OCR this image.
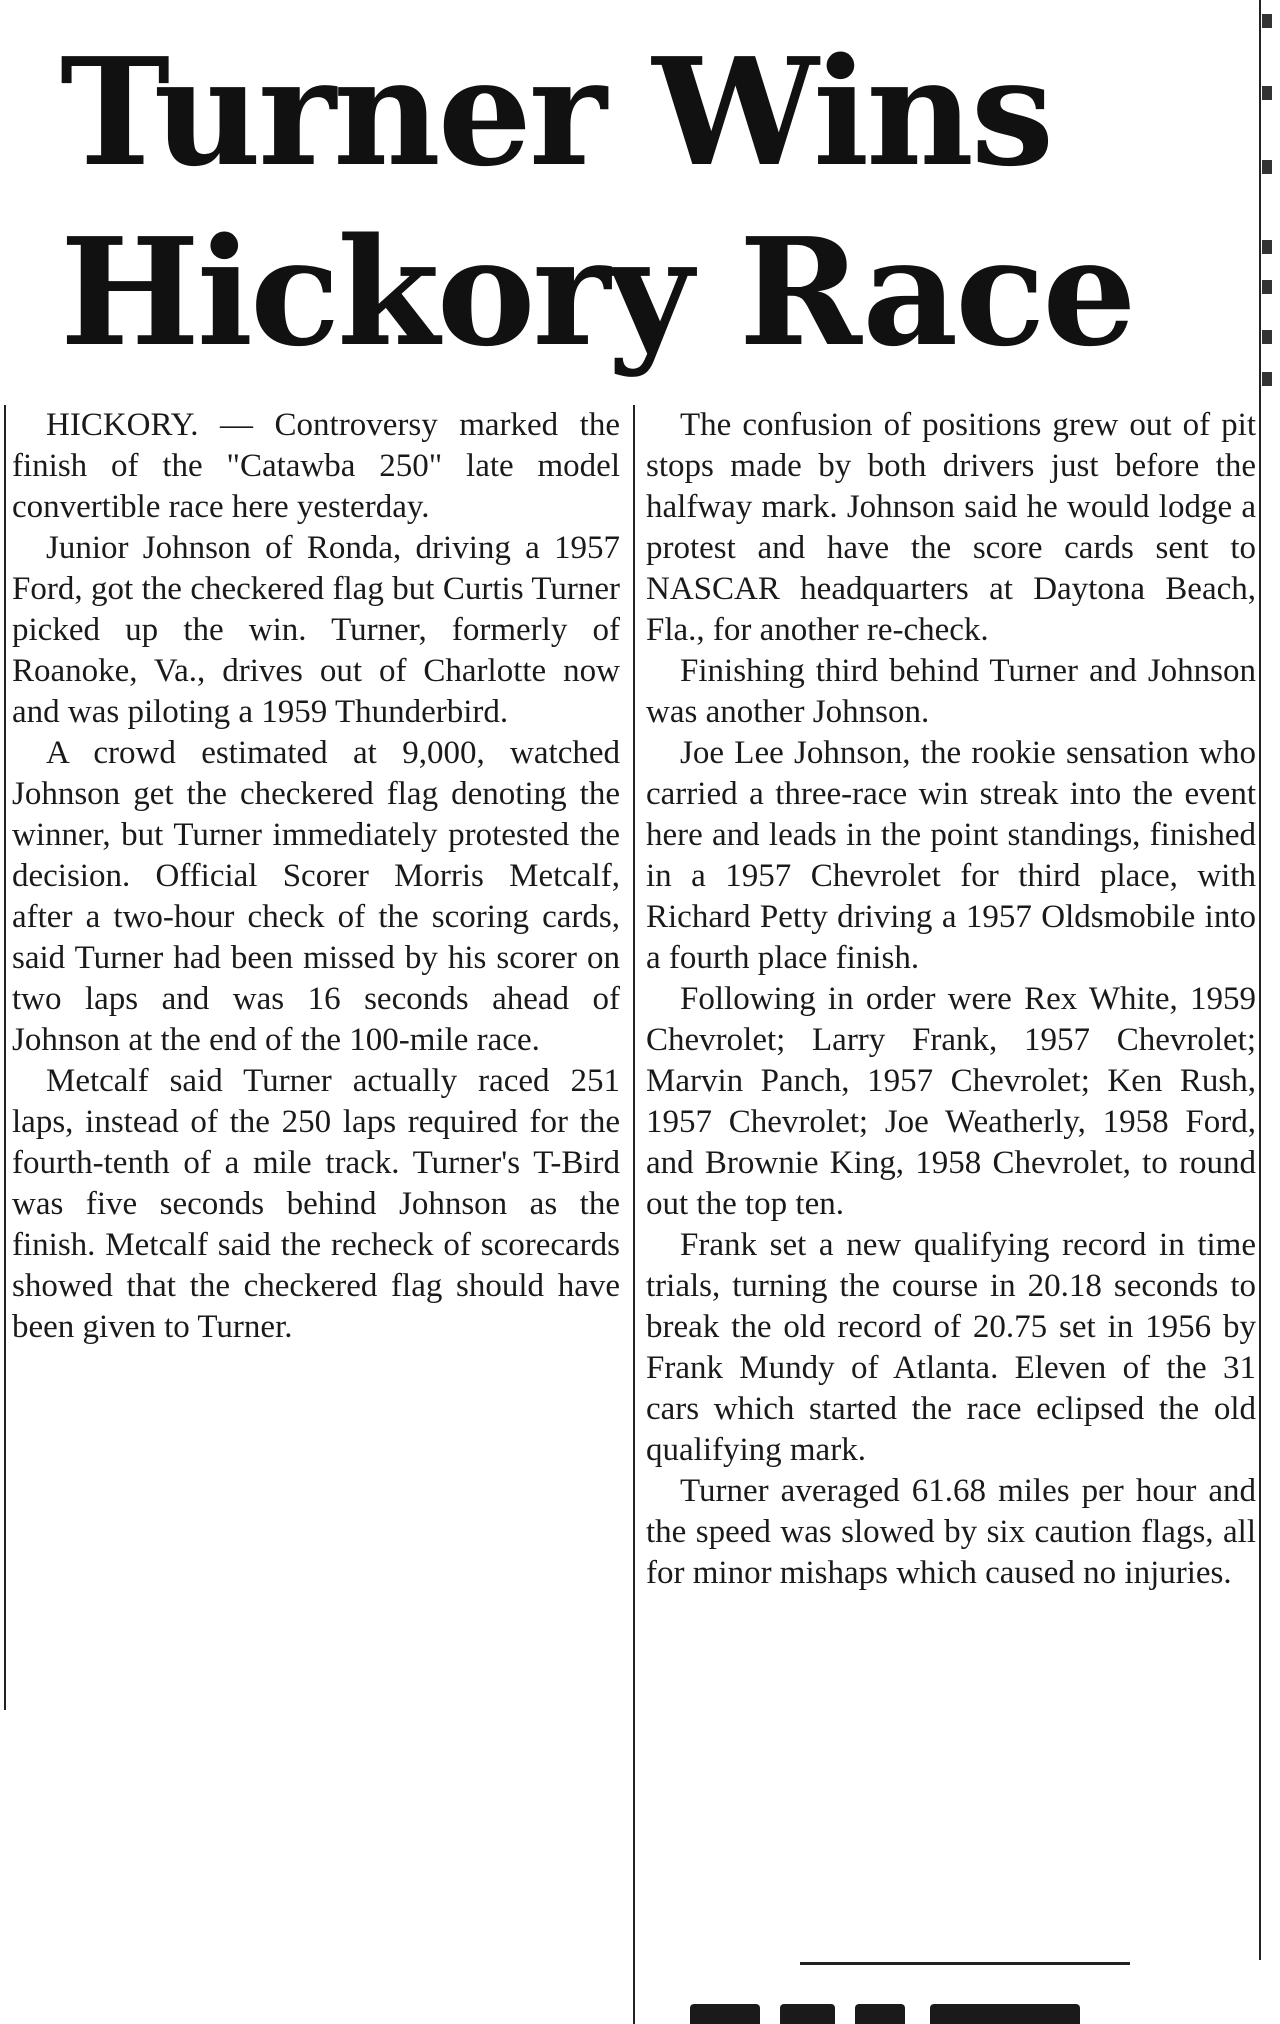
Turner Wins
Hickory Race

HICKORY. — Controversy marked the finish of the "Catawba 250" late model convertible race here yesterday.

Junior Johnson of Ronda, driving a 1957 Ford, got the checkered flag but Curtis Turner picked up the win. Turner, formerly of Roanoke, Va., drives out of Charlotte now and was piloting a 1959 Thunderbird.

A crowd estimated at 9,000, watched Johnson get the checkered flag denoting the winner, but Turner immediately protested the decision. Official Scorer Morris Metcalf, after a two-hour check of the scoring cards, said Turner had been missed by his scorer on two laps and was 16 seconds ahead of Johnson at the end of the 100-mile race.

Metcalf said Turner actually raced 251 laps, instead of the 250 laps required for the fourth-tenth of a mile track. Turner's T-Bird was five seconds behind Johnson as the finish. Metcalf said the recheck of scorecards showed that the checkered flag should have been given to Turner.

The confusion of positions grew out of pit stops made by both drivers just before the halfway mark. Johnson said he would lodge a protest and have the score cards sent to NASCAR headquarters at Daytona Beach, Fla., for another re-check.

Finishing third behind Turner and Johnson was another Johnson.

Joe Lee Johnson, the rookie sensation who carried a three-race win streak into the event here and leads in the point standings, finished in a 1957 Chevrolet for third place, with Richard Petty driving a 1957 Oldsmobile into a fourth place finish.

Following in order were Rex White, 1959 Chevrolet; Larry Frank, 1957 Chevrolet; Marvin Panch, 1957 Chevrolet; Ken Rush, 1957 Chevrolet; Joe Weatherly, 1958 Ford, and Brownie King, 1958 Chevrolet, to round out the top ten.

Frank set a new qualifying record in time trials, turning the course in 20.18 seconds to break the old record of 20.75 set in 1956 by Frank Mundy of Atlanta. Eleven of the 31 cars which started the race eclipsed the old qualifying mark.

Turner averaged 61.68 miles per hour and the speed was slowed by six caution flags, all for minor mishaps which caused no injuries.
